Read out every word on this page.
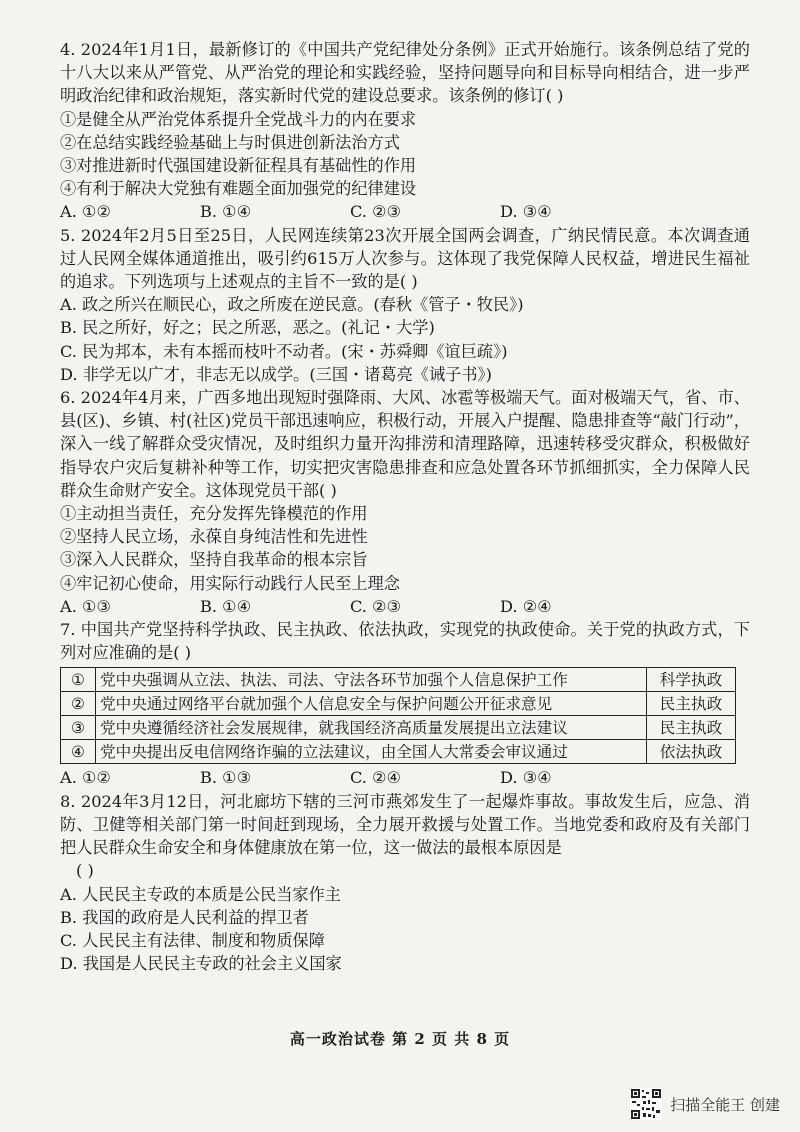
4. 2024年1月1日，最新修订的《中国共产党纪律处分条例》正式开始施行。该条例总结了党的十八大以来从严管党、从严治党的理论和实践经验，坚持问题导向和目标导向相结合，进一步严明政治纪律和政治规矩，落实新时代党的建设总要求。该条例的修订( )

①是健全从严治党体系提升全党战斗力的内在要求

②在总结实践经验基础上与时俱进创新法治方式

③对推进新时代强国建设新征程具有基础性的作用

④有利于解决大党独有难题全面加强党的纪律建设

A. ①②	B. ①④	C. ②③	D. ③④

5. 2024年2月5日至25日，人民网连续第23次开展全国两会调查，广纳民情民意。本次调查通过人民网全媒体通道推出，吸引约615万人次参与。这体现了我党保障人民权益，增进民生福祉的追求。下列选项与上述观点的主旨不一致的是( )

A. 政之所兴在顺民心，政之所废在逆民意。(春秋《管子・牧民》)

B. 民之所好，好之；民之所恶，恶之。(礼记・大学)

C. 民为邦本，未有本摇而枝叶不动者。(宋・苏舜卿《谊巨疏》)

D. 非学无以广才，非志无以成学。(三国・诸葛亮《诫子书》)

6. 2024年4月来，广西多地出现短时强降雨、大风、冰雹等极端天气。面对极端天气，省、市、县(区)、乡镇、村(社区)党员干部迅速响应，积极行动，开展入户提醒、隐患排查等“敲门行动”，深入一线了解群众受灾情况，及时组织力量开沟排涝和清理路障，迅速转移受灾群众，积极做好指导农户灾后复耕补种等工作，切实把灾害隐患排查和应急处置各环节抓细抓实，全力保障人民群众生命财产安全。这体现党员干部( )

①主动担当责任，充分发挥先锋模范的作用

②坚持人民立场，永葆自身纯洁性和先进性

③深入人民群众，坚持自我革命的根本宗旨

④牢记初心使命，用实际行动践行人民至上理念

A. ①③	B. ①④	C. ②③	D. ②④

7. 中国共产党坚持科学执政、民主执政、依法执政，实现党的执政使命。关于党的执政方式，下列对应准确的是( )

①	党中央强调从立法、执法、司法、守法各环节加强个人信息保护工作	科学执政
②	党中央通过网络平台就加强个人信息安全与保护问题公开征求意见	民主执政
③	党中央遵循经济社会发展规律，就我国经济高质量发展提出立法建议	民主执政
④	党中央提出反电信网络诈骗的立法建议，由全国人大常委会审议通过	依法执政
A. ①②	B. ①③	C. ②④	D. ③④

8. 2024年3月12日，河北廊坊下辖的三河市燕郊发生了一起爆炸事故。事故发生后，应急、消防、卫健等相关部门第一时间赶到现场，全力展开救援与处置工作。当地党委和政府及有关部门把人民群众生命安全和身体健康放在第一位，这一做法的最根本原因是

( )

A. 人民民主专政的本质是公民当家作主

B. 我国的政府是人民利益的捍卫者

C. 人民民主有法律、制度和物质保障

D. 我国是人民民主专政的社会主义国家

高一政治试卷 第 2 页 共 8 页
扫描全能王 创建
